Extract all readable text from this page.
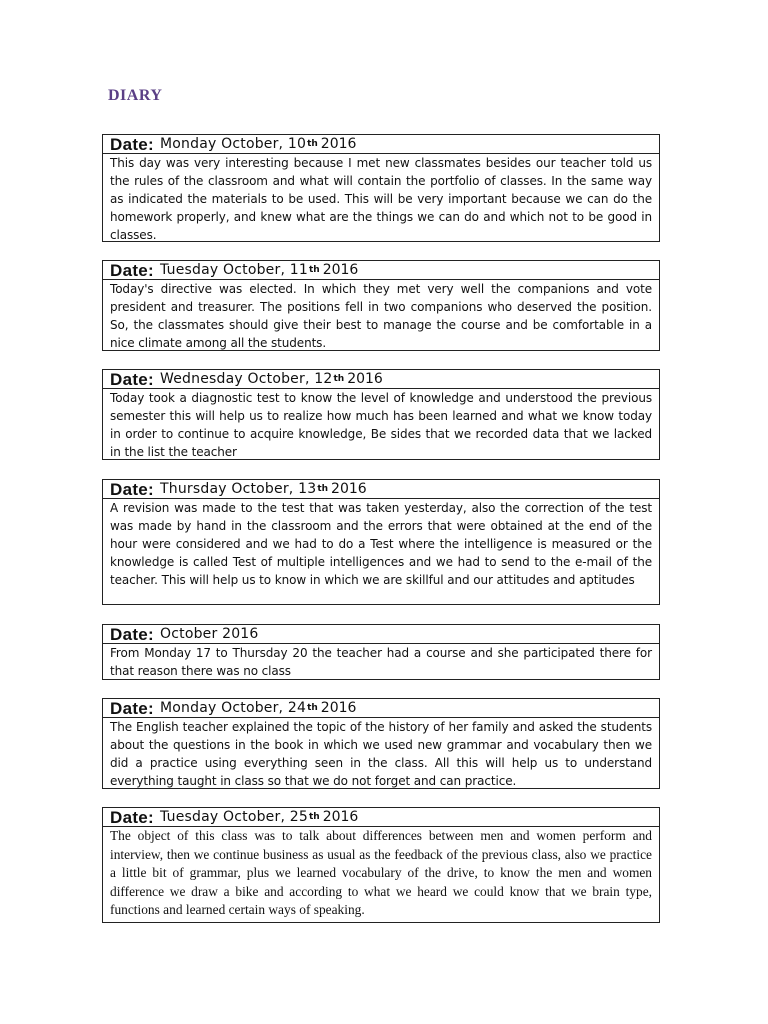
DIARY
Date: Monday October, 10 th 2016
This day was very interesting because I met new classmates besides our teacher told us the rules of the classroom and what will contain the portfolio of classes. In the same way as indicated the materials to be used. This will be very important because we can do the homework properly, and knew what are the things we can do and which not to be good in classes.
Date: Tuesday October, 11 th 2016
Today's directive was elected. In which they met very well the companions and vote president and treasurer. The positions fell in two companions who deserved the position. So, the classmates should give their best to manage the course and be comfortable in a nice climate among all the students.
Date: Wednesday October, 12 th 2016
Today took a diagnostic test to know the level of knowledge and understood the previous semester this will help us to realize how much has been learned and what we know today in order to continue to acquire knowledge, Be sides that we recorded data that we lacked in the list the teacher
Date: Thursday October, 13 th 2016
A revision was made to the test that was taken yesterday, also the correction of the test was made by hand in the classroom and the errors that were obtained at the end of the hour were considered and we had to do a Test where the intelligence is measured or the knowledge is called Test of multiple intelligences and we had to send to the e-mail of the teacher. This will help us to know in which we are skillful and our attitudes and aptitudes
Date: October 2016
From Monday 17 to Thursday 20 the teacher had a course and she participated there for that reason there was no class
Date: Monday October, 24 th 2016
The English teacher explained the topic of the history of her family and asked the students about the questions in the book in which we used new grammar and vocabulary then we did a practice using everything seen in the class. All this will help us to understand everything taught in class so that we do not forget and can practice.
Date: Tuesday October, 25 th 2016
The object of this class was to talk about differences between men and women perform and interview, then we continue business as usual as the feedback of the previous class, also we practice a little bit of grammar, plus we learned vocabulary of the drive, to know the men and women difference we draw a bike and according to what we heard we could know that we brain type, functions and learned certain ways of speaking.
